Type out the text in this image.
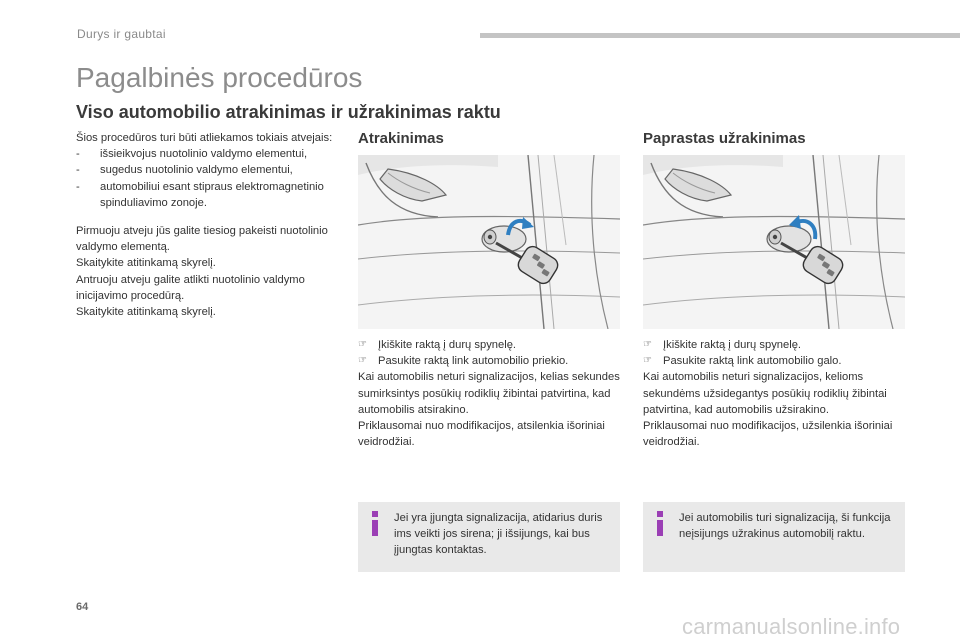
Durys ir gaubtai
Pagalbinės procedūros
Viso automobilio atrakinimas ir užrakinimas raktu

Šios procedūros turi būti atliekamos tokiais atvejais:

- išsieikvojus nuotolinio valdymo elementui,
- sugedus nuotolinio valdymo elementui,
- automobiliui esant stipraus elektromagnetinio spinduliavimo zonoje.

Pirmuoju atveju jūs galite tiesiog pakeisti nuotolinio valdymo elementą.

Skaitykite atitinkamą skyrelį.

Antruoju atveju galite atlikti nuotolinio valdymo inicijavimo procedūrą.

Skaitykite atitinkamą skyrelį.

Atrakinimas
☞ Įkiškite raktą į durų spynelę.
☞ Pasukite raktą link automobilio priekio.
Kai automobilis neturi signalizacijos, kelias sekundes sumirksintys posūkių rodiklių žibintai patvirtina, kad automobilis atsirakino.
Priklausomai nuo modifikacijos, atsilenkia išoriniai veidrodžiai.
Jei yra įjungta signalizacija, atidarius duris ims veikti jos sirena; ji išsijungs, kai bus įjungtas kontaktas.
Paprastas užrakinimas
☞ Įkiškite raktą į durų spynelę.
☞ Pasukite raktą link automobilio galo.
Kai automobilis neturi signalizacijos, kelioms sekundėms užsidegantys posūkių rodiklių žibintai patvirtina, kad automobilis užsirakino.
Priklausomai nuo modifikacijos, užsilenkia išoriniai veidrodžiai.
Jei automobilis turi signalizaciją, ši funkcija neįsijungs užrakinus automobilį raktu.
64
carmanualsonline.info
